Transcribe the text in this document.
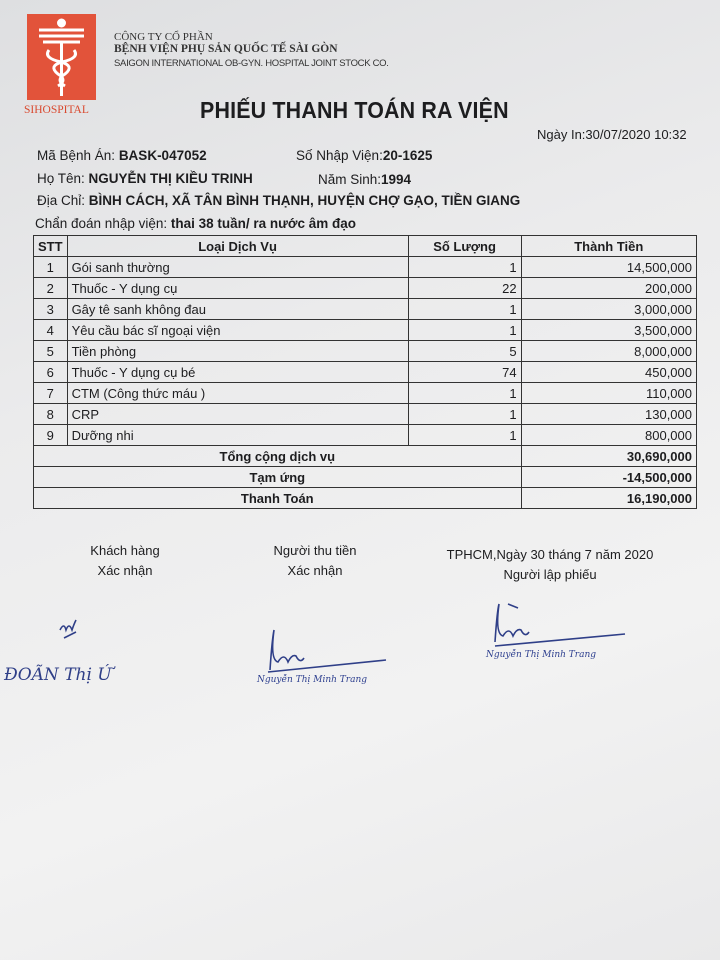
SIHOSPITAL
CÔNG TY CỔ PHẦN
BỆNH VIỆN PHỤ SẢN QUỐC TẾ SÀI GÒN
SAIGON INTERNATIONAL OB-GYN. HOSPITAL JOINT STOCK CO.
PHIẾU THANH TOÁN RA VIỆN
Ngày In:30/07/2020 10:32
Mã Bệnh Án: BASK-047052	Số Nhập Viện:20-1625
Họ Tên: NGUYỄN THỊ KIỀU TRINH	Năm Sinh:1994
Địa Chỉ: BÌNH CÁCH, XÃ TÂN BÌNH THẠNH, HUYỆN CHỢ GẠO, TIỀN GIANG
Chẩn đoán nhập viện: thai 38 tuần/ ra nước âm đạo
STT	Loại Dịch Vụ	Số Lượng	Thành Tiền
1	Gói sanh thường	1	14,500,000
2	Thuốc - Y dụng cụ	22	200,000
3	Gây tê sanh không đau	1	3,000,000
4	Yêu cầu bác sĩ ngoại viện	1	3,500,000
5	Tiền phòng	5	8,000,000
6	Thuốc - Y dụng cụ bé	74	450,000
7	CTM (Công thức máu )	1	110,000
8	CRP	1	130,000
9	Dưỡng nhi	1	800,000
Tổng cộng dịch vụ			30,690,000
Tạm ứng			-14,500,000
Thanh Toán			16,190,000
Khách hàng
Xác nhận
Người thu tiền
Xác nhận
TPHCM,Ngày 30 tháng 7 năm 2020
Người lập phiếu
ĐOÃN Thị Ứ	Nguyễn Thị Minh Trang
Nguyễn Thị Minh Trang
